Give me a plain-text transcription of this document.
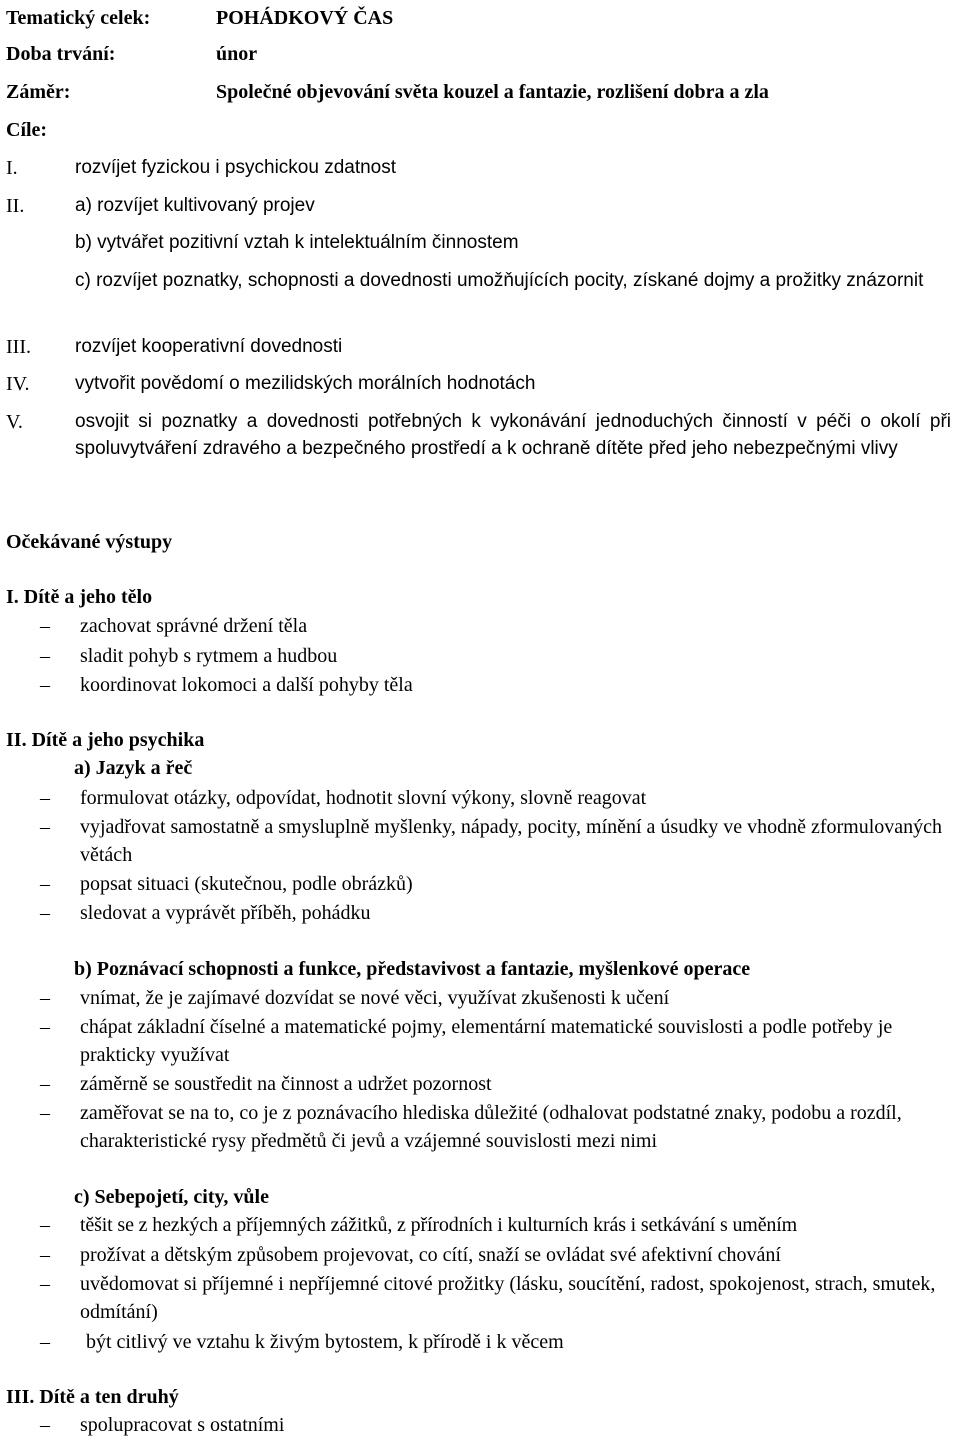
Tematický celek:	POHÁDKOVÝ ČAS
Doba trvání:	únor
Záměr:	Společné objevování světa kouzel a fantazie, rozlišení dobra a zla
Cíle:
I.	rozvíjet fyzickou i psychickou zdatnost
II.	a) rozvíjet kultivovaný projev
b) vytvářet pozitivní vztah k intelektuálním činnostem
c) rozvíjet poznatky, schopnosti a dovednosti umožňujících pocity, získané dojmy a prožitky znázornit
III. rozvíjet kooperativní dovednosti
IV. vytvořit povědomí o mezilidských morálních hodnotách
V.	osvojit si poznatky a dovednosti potřebných k vykonávání jednoduchých činností v péči o okolí při spoluvytváření zdravého a bezpečného prostředí a k ochraně dítěte před jeho nebezpečnými vlivy
Očekávané výstupy
I. Dítě a jeho tělo
– zachovat správné držení těla
– sladit pohyb s rytmem a hudbou
– koordinovat lokomoci a další pohyby těla
II. Dítě a jeho psychika
a) Jazyk a řeč
– formulovat otázky, odpovídat, hodnotit slovní výkony, slovně reagovat
– vyjadřovat samostatně a smysluplně myšlenky, nápady, pocity, mínění a úsudky ve vhodně zformulovaných větách
– popsat situaci (skutečnou, podle obrázků)
– sledovat a vyprávět příběh, pohádku
b) Poznávací schopnosti a funkce, představivost a fantazie, myšlenkové operace
– vnímat, že je zajímavé dozvídat se nové věci, využívat zkušenosti k učení
– chápat základní číselné a matematické pojmy, elementární matematické souvislosti a podle potřeby je prakticky využívat
– záměrně se soustředit na činnost a udržet pozornost
– zaměřovat se na to, co je z poznávacího hlediska důležité (odhalovat podstatné znaky, podobu a rozdíl, charakteristické rysy předmětů či jevů a vzájemné souvislosti mezi nimi
c) Sebepojetí, city, vůle
– těšit se z hezkých a příjemných zážitků, z přírodních i kulturních krás i setkávání s uměním
– prožívat a dětským způsobem projevovat, co cítí, snaží se ovládat své afektivní chování
– uvědomovat si příjemné i nepříjemné citové prožitky (lásku, soucítění, radost, spokojenost, strach, smutek, odmítání)
– být citlivý ve vztahu k živým bytostem, k přírodě i k věcem
III. Dítě a ten druhý
– spolupracovat s ostatními
